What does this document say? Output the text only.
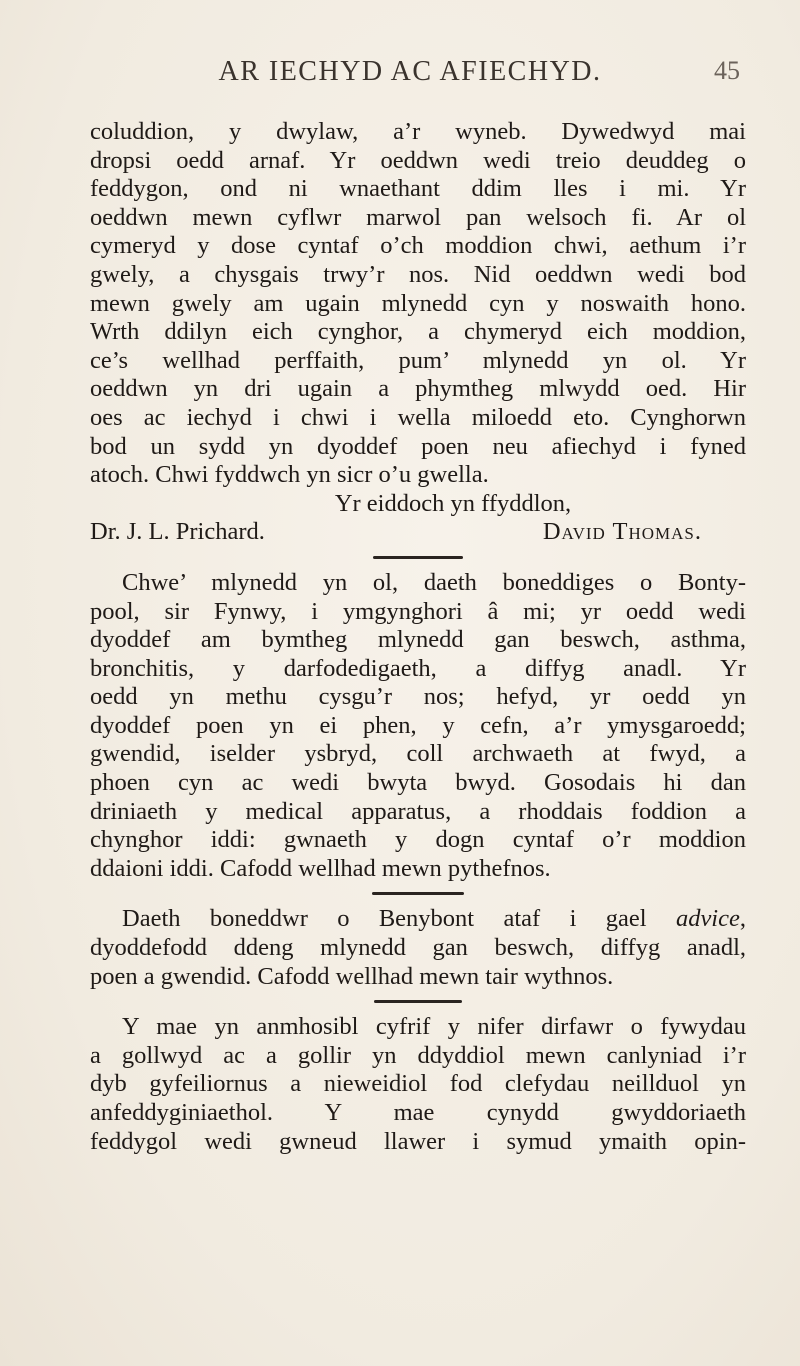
AR IECHYD AC AFIECHYD.	45
coluddion, y dwylaw, a’r wyneb. Dywedwyd mai
dropsi oedd arnaf. Yr oeddwn wedi treio deuddeg o
feddygon, ond ni wnaethant ddim lles i mi. Yr
oeddwn mewn cyflwr marwol pan welsoch fi. Ar ol
cymeryd y dose cyntaf o’ch moddion chwi, aethum i’r
gwely, a chysgais trwy’r nos. Nid oeddwn wedi bod
mewn gwely am ugain mlynedd cyn y noswaith hono.
Wrth ddilyn eich cynghor, a chymeryd eich moddion,
ce’s wellhad perffaith, pum’ mlynedd yn ol. Yr
oeddwn yn dri ugain a phymtheg mlwydd oed. Hir
oes ac iechyd i chwi i wella miloedd eto. Cynghorwn
bod un sydd yn dyoddef poen neu afiechyd i fyned
atoch. Chwi fyddwch yn sicr o’u gwella.
Yr eiddoch yn ffyddlon,
Dr. J. L. Prichard.	David Thomas.
Chwe’ mlynedd yn ol, daeth boneddiges o Bonty-
pool, sir Fynwy, i ymgynghori â mi; yr oedd wedi
dyoddef am bymtheg mlynedd gan beswch, asthma,
bronchitis, y darfodedigaeth, a diffyg anadl. Yr
oedd yn methu cysgu’r nos; hefyd, yr oedd yn
dyoddef poen yn ei phen, y cefn, a’r ymysgaroedd;
gwendid, iselder ysbryd, coll archwaeth at fwyd, a
phoen cyn ac wedi bwyta bwyd. Gosodais hi dan
driniaeth y medical apparatus, a rhoddais foddion a
chynghor iddi: gwnaeth y dogn cyntaf o’r moddion
ddaioni iddi. Cafodd wellhad mewn pythefnos.
Daeth boneddwr o Benybont ataf i gael advice,
dyoddefodd ddeng mlynedd gan beswch, diffyg anadl,
poen a gwendid. Cafodd wellhad mewn tair wythnos.
Y mae yn anmhosibl cyfrif y nifer dirfawr o fywydau
a gollwyd ac a gollir yn ddyddiol mewn canlyniad i’r
dyb gyfeiliornus a nieweidiol fod clefydau neillduol yn
anfeddyginiaethol. Y mae cynydd gwyddoriaeth
feddygol wedi gwneud llawer i symud ymaith opin-
